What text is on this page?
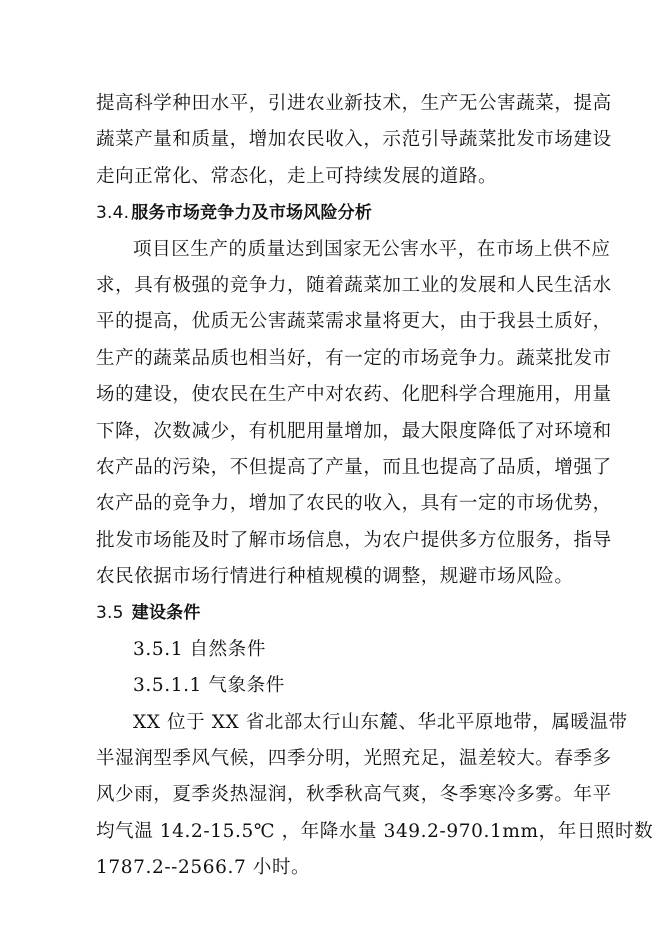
提高科学种田水平，引进农业新技术，生产无公害蔬菜，提高
蔬菜产量和质量，增加农民收入，示范引导蔬菜批发市场建设
走向正常化、常态化，走上可持续发展的道路。
3.4. 服务市场竞争力及市场风险分析
项目区生产的质量达到国家无公害水平，在市场上供不应
求，具有极强的竞争力，随着蔬菜加工业的发展和人民生活水
平的提高，优质无公害蔬菜需求量将更大，由于我县土质好，
生产的蔬菜品质也相当好，有一定的市场竞争力。蔬菜批发市
场的建设，使农民在生产中对农药、化肥科学合理施用，用量
下降，次数减少，有机肥用量增加，最大限度降低了对环境和
农产品的污染，不但提高了产量，而且也提高了品质，增强了
农产品的竞争力，增加了农民的收入，具有一定的市场优势，
批发市场能及时了解市场信息，为农户提供多方位服务，指导
农民依据市场行情进行种植规模的调整，规避市场风险。
3.5 建设条件
3.5.1 自然条件
3.5.1.1 气象条件
XX 位于 XX 省北部太行山东麓、华北平原地带，属暖温带
半湿润型季风气候，四季分明，光照充足，温差较大。春季多
风少雨，夏季炎热湿润，秋季秋高气爽，冬季寒冷多雾。年平
均气温 14.2-15.5℃ ，年降水量 349.2-970.1mm，年日照时数
1787.2--2566.7 小时。
